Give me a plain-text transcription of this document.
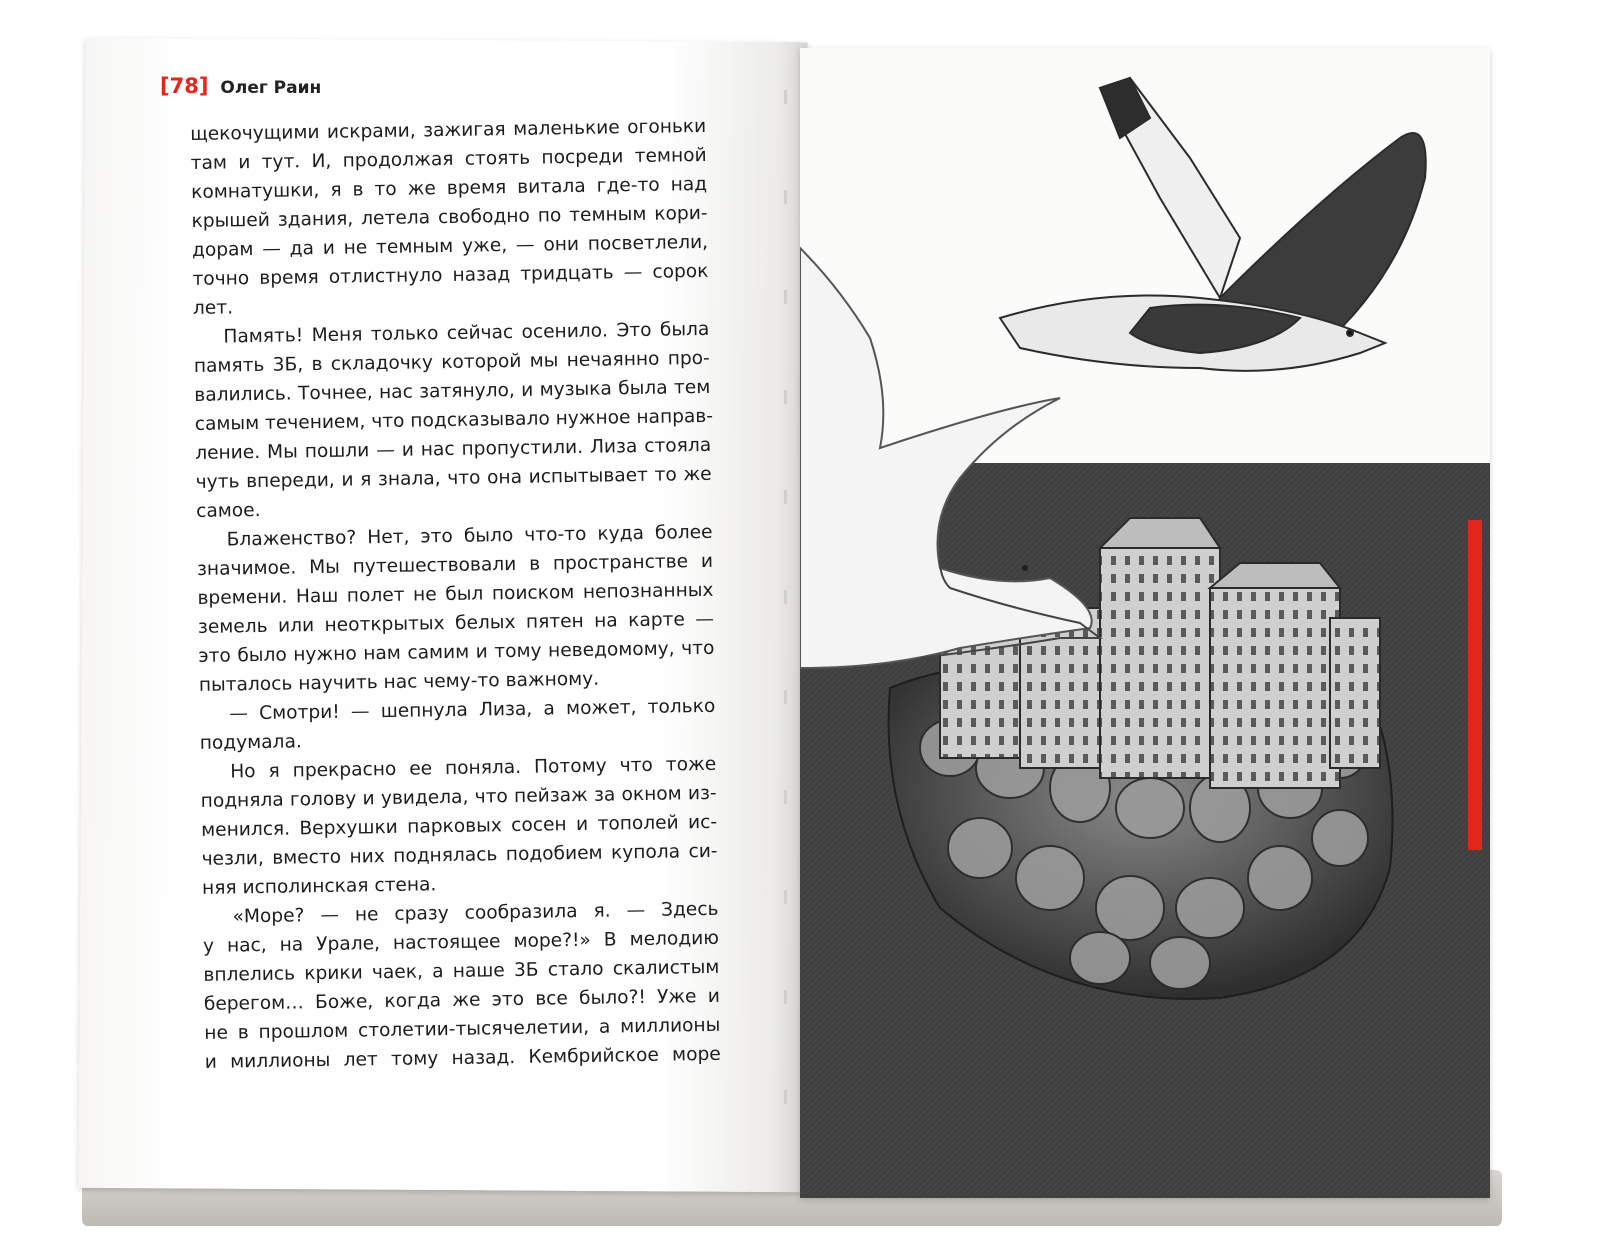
[78] Олег Раин
щекочущими искрами, зажигая маленькие огоньки
там и тут. И, продолжая стоять посреди темной
комнатушки, я в то же время витала где-то над
крышей здания, летела свободно по темным кори-
дорам — да и не темным уже, — они посветлели,
точно время отлистнуло назад тридцать — сорок
лет.
Память! Меня только сейчас осенило. Это была
память 3Б, в складочку которой мы нечаянно про-
валились. Точнее, нас затянуло, и музыка была тем
самым течением, что подсказывало нужное направ-
ление. Мы пошли — и нас пропустили. Лиза стояла
чуть впереди, и я знала, что она испытывает то же
самое.
Блаженство? Нет, это было что-то куда более
значимое. Мы путешествовали в пространстве и
времени. Наш полет не был поиском непознанных
земель или неоткрытых белых пятен на карте —
это было нужно нам самим и тому неведомому, что
пыталось научить нас чему-то важному.
— Смотри! — шепнула Лиза, а может, только
подумала.
Но я прекрасно ее поняла. Потому что тоже
подняла голову и увидела, что пейзаж за окном из-
менился. Верхушки парковых сосен и тополей ис-
чезли, вместо них поднялась подобием купола си-
няя исполинская стена.
«Море? — не сразу сообразила я. — Здесь
у нас, на Урале, настоящее море?!» В мелодию
вплелись крики чаек, а наше 3Б стало скалистым
берегом… Боже, когда же это все было?! Уже и
не в прошлом столетии-тысячелетии, а миллионы
и миллионы лет тому назад. Кембрийское море
